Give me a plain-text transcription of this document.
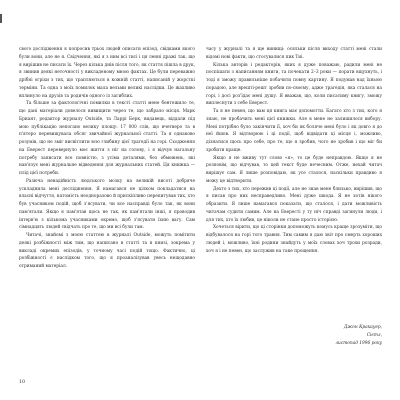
свого дослідження я попросив трьох людей описати епізод, свідками якого були вони, але не я. Свідчення, які я з ним всі тисі і ця ленні дражі так, що я вирішив не писати їх. Через кілька днів після того, як стаття пішла в друк, я звинив деякі неточності у викладеному мною фактах. Це були переважно дрібні огріхи з тих, що трапляються в кожній статті, написаній у жорсткі терміни. Та одна з моїх помилок мала вельми великі наслідки. Це жахливо вплинуло на друзів та родичів одного із загиблих.

Та більше за фактологічні помилки в тексті статті мене бентежило те, що дані матеріали довелося вивищити через те, що забрало місця. Марк Бриант, редактор журналу Outside, та Ларрі Берк, видавець, віддали під мою публікацію непогано велику площу: 17 000 слів, що вчетверо та в п'ятеро перевищувала обсяг звичайної журнальної статті. Та я однаково розумів, що не зміг висвітлити всю глибину цієї трагедії на горі. Сходження на Еверест перевернуло моє життя з ніг на голову, і я відчув нагальну потребу записати все повністю, з усіма деталями, без обмежень, які нав'язує мені журнальне відведення для журнальних статей. Ця книжка — плід цієї потреби.

Разюча ненадійність людського мозку на великій висоті добряче ускладнила мені дослідження. Я намагався не цілком покладатися на власні відчуття, натомість неодноразово й прискіпливо перепитував тих, хто був учасником подій, щоб з'ясувати, чи все насправді було так, як вони пам'ятали. Якщо я пам'ятав щось не так, як пам'ятали інші, я проводив інтерв'ю з кількома учасниками окремо, щоб з'ясувати їхню вагу. Сам сімнадцять людей свідчать про те, що ми всі були там.

Читачі, знайомі з моєю статтею в журналі Outside, можуть помітити деякі розбіжності між тим, що написано в статті та в книзі, зокрема у викладі окремих епізодів, у точному часі подій тощо. Фактично, ці розбіжності є наслідком того, що я проаналізував увесь нещодавно отриманий матеріал.

часу у журналі та я ще винищі: осяльки після виходу статті мені стали відомі нові факти, що стосувалися пик Тиі.

Кілька авторів і редакторів, яких я дуже поважаю, радили мені не поспішати з написанням книги, та почекати 2–3 роки — порати вщухнуть, і тоді я зможу правильніше побачити повну картину. Я подумав над їхньою порадою, але врешті-решт зробив по-своєму, адже трагедія, яка сталася на горі, і досі роз'їдає мені душу. Я вважав, що, коли писатиму книгу, зможу виплеснути з себе Еверест.

Та я не певен, що вам ця книга має допомогти. Багато хто з тих, кого я знаю, не пробачить мені цієї книжки. Але в мене не залишилося вибору. Мені потрібно було закінчити її, хоч би як боляче мені було і як довго я до неї йшов. Я відтворюю і ці події, щоб відвідати ці місця і, можливо, дізнатися щось про себе, про те, що я зробив, чого не зробив і що міг би зробити краще.

Якщо я не вживу тут слово «я», то це буде неправдою. Якщо я не розповім, що відчував, то цей текст буде нечесним. Отже, нехай читач вирішує сам. Я лише розповідаю, як усе сталося, наскільки правдиво я можу це відтворити.

Дехто з тих, хто пережив ці події, але не знав мене близько, вирішив, що я писав про них несправедливо. Мені дуже шкода. Я не хотів нікого образити. Я лише намагався показати, що сталося, і дати можливість читачам судити самим. Але на Евересті у ту ніч справді загинули люди, і для тих, хто їх любив, це ніколи не стане просто історією.

Хочеться вірити, що ці сторінки допоможуть комусь краще зрозуміти, що відбувалося на горі того травня. Тим самим я даю звіт про смерть хороших людей і, можливо, їхні родини знайдуть у моїх словах хоч трохи розради, хоч я і не певен, що заслужив на таке прощення.

Джон Кракауер,
Сієтл,
листопад 1996 року
10
